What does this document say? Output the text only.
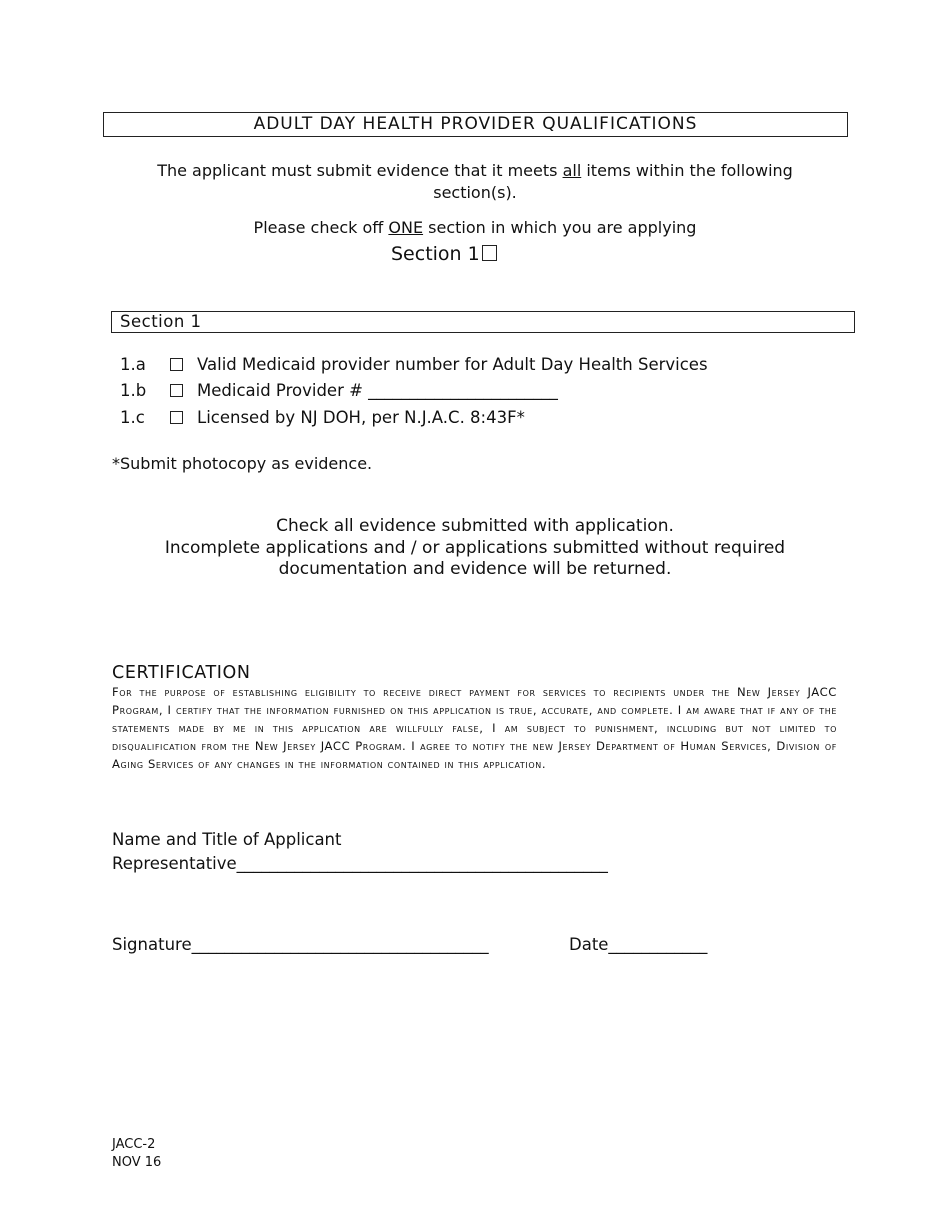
ADULT DAY HEALTH PROVIDER QUALIFICATIONS
The applicant must submit evidence that it meets all items within the following section(s).
Please check off ONE section in which you are applying
Section 1
Section 1
1.a	Valid Medicaid provider number for Adult Day Health Services
1.b	Medicaid Provider # _______________________
1.c	Licensed by NJ DOH, per N.J.A.C. 8:43F*
*Submit photocopy as evidence.
Check all evidence submitted with application.
Incomplete applications and / or applications submitted without required documentation and evidence will be returned.
CERTIFICATION
For the purpose of establishing eligibility to receive direct payment for services to recipients under the New Jersey JACC Program, I certify that the information furnished on this application is true, accurate, and complete. I am aware that if any of the statements made by me in this application are willfully false, I am subject to punishment, including but not limited to disqualification from the New Jersey JACC Program. I agree to notify the new Jersey Department of Human Services, Division of Aging Services of any changes in the information contained in this application.
Name and Title of Applicant
Representative_____________________________________________
Signature____________________________________	Date____________
JACC-2
NOV 16
